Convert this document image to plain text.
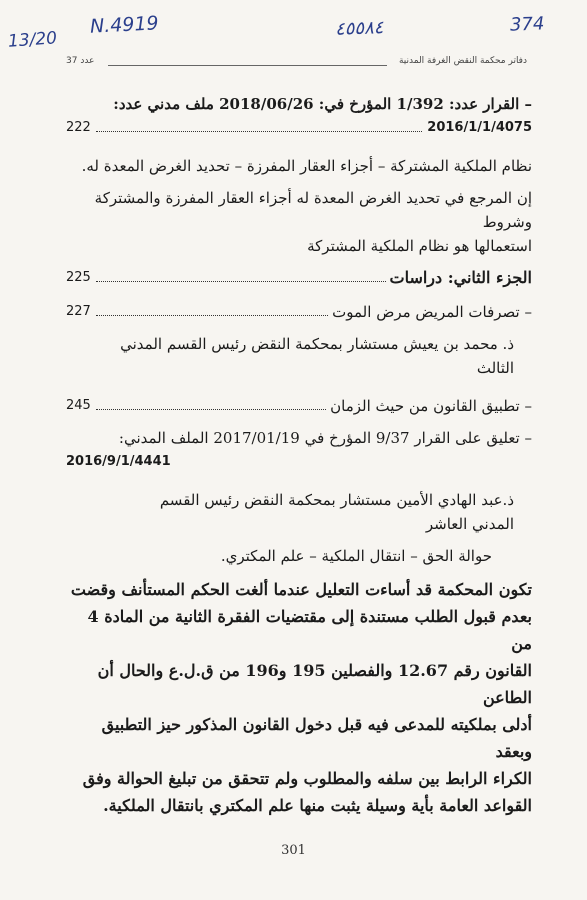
13/20
N.4919	٤٥٥٨٤	374
دفاتر محكمة النقض الغرفة المدنية
عدد 37

– القرار عدد: 1/392 المؤرخ في: 2018/06/26 ملف مدني عدد:

2016/1/1/4075
222

نظام الملكية المشتركة – أجزاء العقار المفرزة – تحديد الغرض المعدة له.

إن المرجع في تحديد الغرض المعدة له أجزاء العقار المفرزة والمشتركة وشروط

استعمالها هو نظام الملكية المشتركة

الجزء الثاني: دراسات
225
– تصرفات المريض مرض الموت
227

ذ. محمد بن يعيش مستشار بمحكمة النقض رئيس القسم المدني

الثالث

– تطبيق القانون من حيث الزمان
245

– تعليق على القرار 9/37 المؤرخ في 2017/01/19 الملف المدني:

2016/9/1/4441

ذ.عبد الهادي الأمين مستشار بمحكمة النقض رئيس القسم

المدني العاشر

حوالة الحق – انتقال الملكية – علم المكتري.

تكون المحكمة قد أساءت التعليل عندما ألغت الحكم المستأنف وقضت

بعدم قبول الطلب مستندة إلى مقتضيات الفقرة الثانية من المادة 4 من

القانون رقم 12.67 والفصلين 195 و196 من ق.ل.ع والحال أن الطاعن

أدلى بملكيته للمدعى فيه قبل دخول القانون المذكور حيز التطبيق وبعقد

الكراء الرابط بين سلفه والمطلوب ولم تتحقق من تبليغ الحوالة وفق

القواعد العامة بأية وسيلة يثبت منها علم المكتري بانتقال الملكية.

301
